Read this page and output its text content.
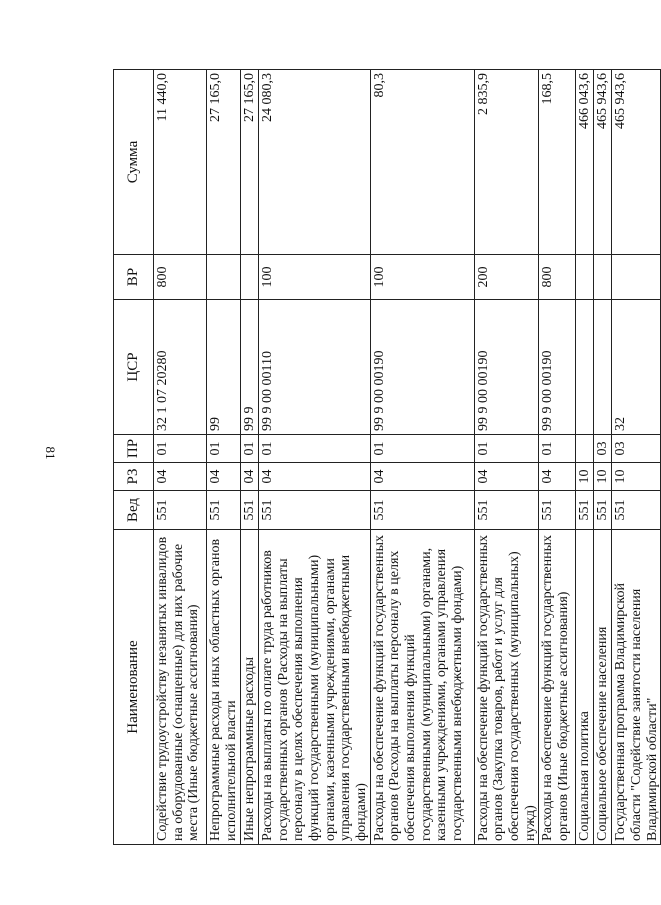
81
Наименование	Вед	РЗ	ПР	ЦСР	ВР	Сумма
Содействие трудоустройству незанятых инвалидов на оборудованные (оснащенные) для них рабочие места (Иные бюджетные ассигнования)	551	04	01	32 1 07 20280	800	11 440,0
Непрограммные расходы иных областных органов исполнительной власти	551	04	01	99		27 165,0
Иные непрограммные расходы	551	04	01	99 9		27 165,0
Расходы на выплаты по оплате труда работников государственных органов (Расходы на выплаты персоналу в целях обеспечения выполнения функций государственными (муниципальными) органами, казенными учреждениями, органами управления государственными внебюджетными фондами)	551	04	01	99 9 00 00110	100	24 080,3
Расходы на обеспечение функций государственных органов (Расходы на выплаты персоналу в целях обеспечения выполнения функций государственными (муниципальными) органами, казенными учреждениями, органами управления государственными внебюджетными фондами)	551	04	01	99 9 00 00190	100	80,3
Расходы на обеспечение функций государственных органов (Закупка товаров, работ и услуг для обеспечения государственных (муниципальных) нужд)	551	04	01	99 9 00 00190	200	2 835,9
Расходы на обеспечение функций государственных органов (Иные бюджетные ассигнования)	551	04	01	99 9 00 00190	800	168,5
Социальная политика	551	10				466 043,6
Социальное обеспечение населения	551	10	03			465 943,6
Государственная программа Владимирской области "Содействие занятости населения Владимирской области"	551	10	03	32		465 943,6
